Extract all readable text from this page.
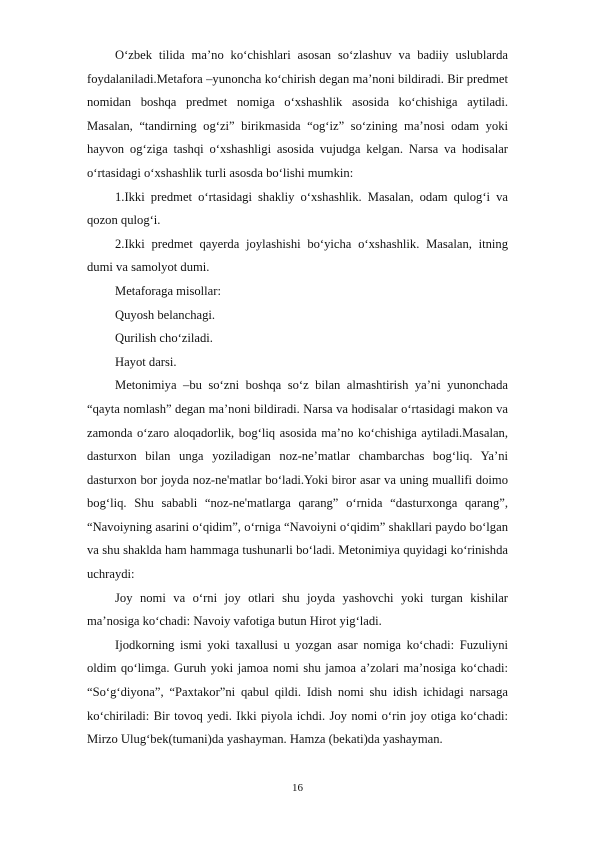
O‘zbek tilida ma’no ko‘chishlari asosan so‘zlashuv va badiiy uslublarda foydalaniladi.Metafora –yunoncha ko‘chirish degan ma’noni bildiradi. Bir predmet nomidan boshqa predmet nomiga o‘xshashlik asosida ko‘chishiga aytiladi. Masalan, “tandirning og‘zi” birikmasida “og‘iz” so‘zining ma’nosi odam yoki hayvon og‘ziga tashqi o‘xshashligi asosida vujudga kelgan. Narsa va hodisalar o‘rtasidagi o‘xshashlik turli asosda bo‘lishi mumkin:

1.Ikki predmet o‘rtasidagi shakliy o‘xshashlik. Masalan, odam qulog‘i va qozon qulog‘i.

2.Ikki predmet qayerda joylashishi bo‘yicha o‘xshashlik. Masalan, itning dumi va samolyot dumi.

Metaforaga misollar:

Quyosh belanchagi.

Qurilish cho‘ziladi.

Hayot darsi.

Metonimiya –bu so‘zni boshqa so‘z bilan almashtirish ya’ni yunonchada “qayta nomlash” degan ma’noni bildiradi. Narsa va hodisalar o‘rtasidagi makon va zamonda o‘zaro aloqadorlik, bog‘liq asosida ma’no ko‘chishiga aytiladi.Masalan, dasturxon bilan unga yoziladigan noz-ne’matlar chambarchas bog‘liq. Ya’ni dasturxon bor joyda noz-ne'matlar bo‘ladi.Yoki biror asar va uning muallifi doimo bog‘liq. Shu sababli “noz-ne'matlarga qarang” o‘rnida “dasturxonga qarang”, “Navoiyning asarini o‘qidim”, o‘rniga “Navoiyni o‘qidim” shakllari paydo bo‘lgan va shu shaklda ham hammaga tushunarli bo‘ladi. Metonimiya quyidagi ko‘rinishda uchraydi:

Joy nomi va o‘rni joy otlari shu joyda yashovchi yoki turgan kishilar ma’nosiga ko‘chadi: Navoiy vafotiga butun Hirot yig‘ladi.

Ijodkorning ismi yoki taxallusi u yozgan asar nomiga ko‘chadi: Fuzuliyni oldim qo‘limga. Guruh yoki jamoa nomi shu jamoa a’zolari ma’nosiga ko‘chadi: “So‘g‘diyona”, “Paxtakor”ni qabul qildi. Idish nomi shu idish ichidagi narsaga ko‘chiriladi: Bir tovoq yedi. Ikki piyola ichdi. Joy nomi o‘rin joy otiga ko‘chadi: Mirzo Ulug‘bek(tumani)da yashayman. Hamza (bekati)da yashayman.

16
